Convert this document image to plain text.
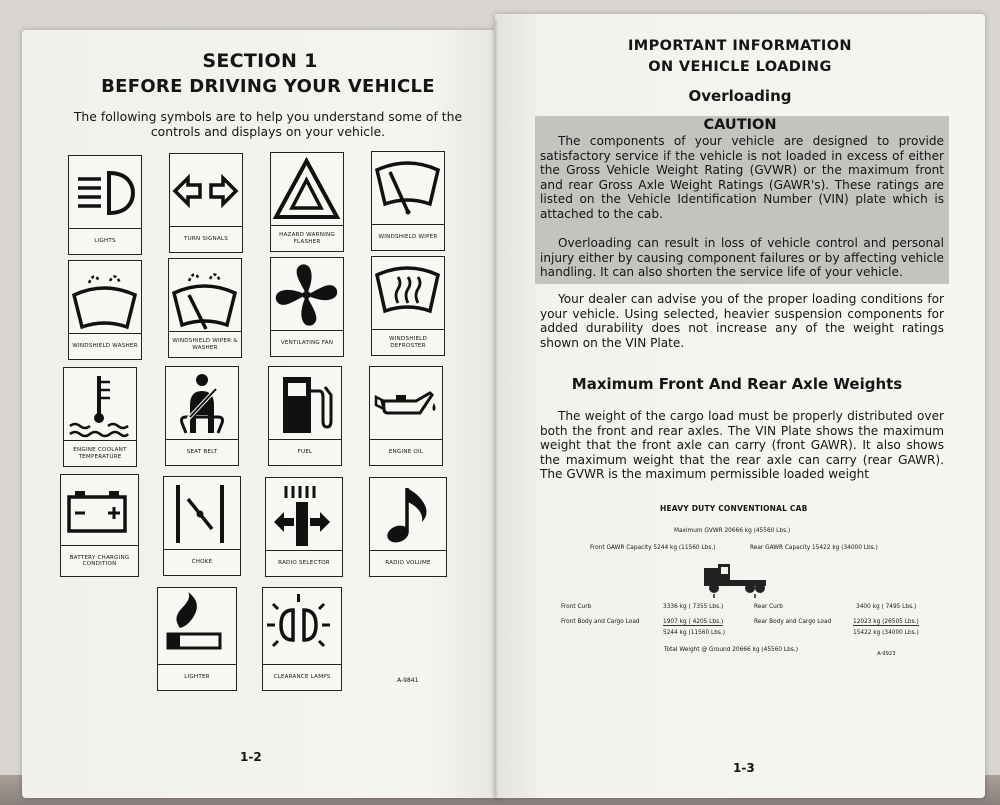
SECTION 1

BEFORE DRIVING YOUR VEHICLE

The following symbols are to help you understand some of the controls and displays on your vehicle.

LIGHTS	TURN SIGNALS
HAZARD WARNING FLASHER
WINDSHIELD WIPER
WINDSHIELD WASHER
WINDSHIELD WIPER & WASHER
VENTILATING FAN
WINDSHIELD DEFROSTER
ENGINE COOLANT TEMPERATURE
SEAT BELT	FUEL	ENGINE OIL
BATTERY CHARGING CONDITION	CHOKE	RADIO SELECTOR	RADIO VOLUME
LIGHTER	CLEARANCE LAMPS	A-9841

1-2

IMPORTANT INFORMATION

ON VEHICLE LOADING

Overloading

CAUTION

The components of your vehicle are designed to provide satisfactory service if the vehicle is not loaded in excess of either the Gross Vehicle Weight Rating (GVWR) or the maximum front and rear Gross Axle Weight Ratings (GAWR's). These ratings are listed on the Vehicle Identification Number (VIN) plate which is attached to the cab.

Overloading can result in loss of vehicle control and personal injury either by causing component failures or by affecting vehicle handling. It can also shorten the service life of your vehicle.

Your dealer can advise you of the proper loading conditions for your vehicle. Using selected, heavier suspension components for added durability does not increase any of the weight ratings shown on the VIN Plate.

Maximum Front And Rear Axle Weights

The weight of the cargo load must be properly distributed over both the front and rear axles. The VIN Plate shows the maximum weight that the front axle can carry (front GAWR). It also shows the maximum weight that the rear axle can carry (rear GAWR). The GVWR is the maximum permissible loaded weight

HEAVY DUTY CONVENTIONAL CAB

Maximum GVWR 20666 kg (45560 Lbs.)

Front GAWR Capacity 5244 kg (11560 Lbs.)	Rear GAWR Capacity 15422 kg (34000 Lbs.)

Front Curb	3336 kg ( 7355 Lbs.)	Rear Curb	3400 kg ( 7495 Lbs.)

Front Body and Cargo Load	1907 kg ( 4205 Lbs.)	Rear Body and Cargo Load	12023 kg (26505 Lbs.)

5244 kg (11560 Lbs.)	15422 kg (34000 Lbs.)

Total Weight @ Ground 20666 kg (45560 Lbs.)

A-9923

1-3
